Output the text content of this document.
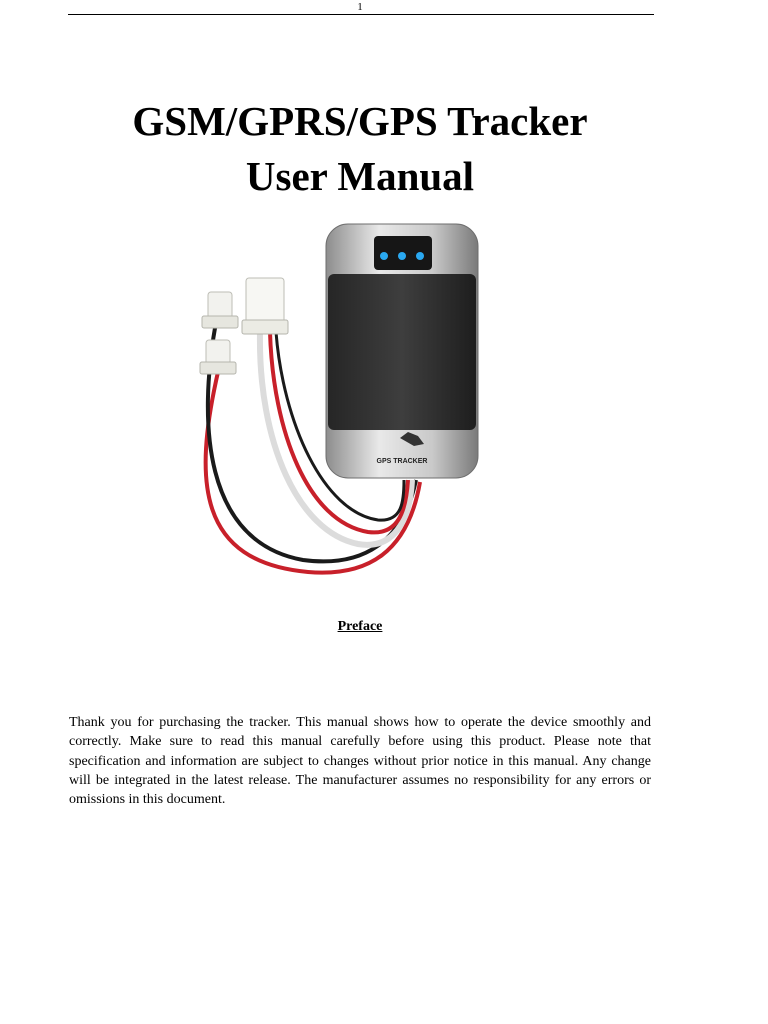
1
GSM/GPRS/GPS Tracker
User Manual
GPS TRACKER
Preface

Thank you for purchasing the tracker. This manual shows how to operate the device smoothly and correctly. Make sure to read this manual carefully before using this product. Please note that specification and information are subject to changes without prior notice in this manual. Any change will be integrated in the latest release. The manufacturer assumes no responsibility for any errors or omissions in this document.
